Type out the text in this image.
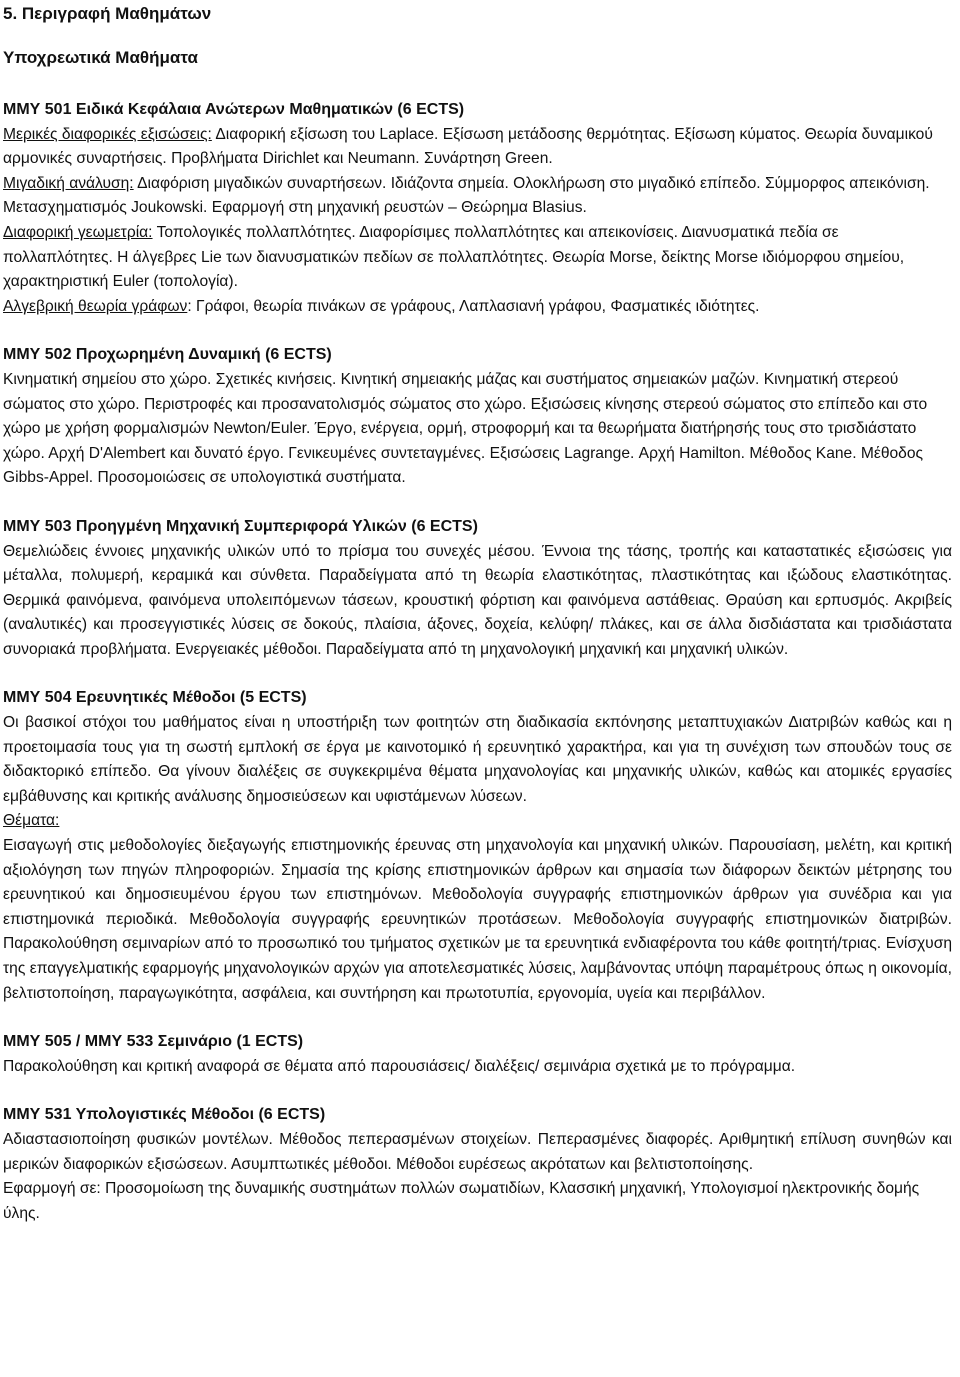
5. Περιγραφή Μαθημάτων
Υποχρεωτικά Μαθήματα

ΜΜΥ 501 Ειδικά Κεφάλαια Ανώτερων Μαθηματικών (6 ECTS)

Μερικές διαφορικές εξισώσεις: Διαφορική εξίσωση του Laplace. Εξίσωση μετάδοσης θερμότητας. Εξίσωση κύματος. Θεωρία δυναμικού αρμονικές συναρτήσεις. Προβλήματα Dirichlet και Neumann. Συνάρτηση Green.

Μιγαδική ανάλυση: Διαφόριση μιγαδικών συναρτήσεων. Ιδιάζοντα σημεία. Ολοκλήρωση στο μιγαδικό επίπεδο. Σύμμορφος απεικόνιση. Μετασχηματισμός Joukowski. Εφαρμογή στη μηχανική ρευστών – Θεώρημα Blasius.

Διαφορική γεωμετρία: Τοπολογικές πολλαπλότητες. Διαφορίσιμες πολλαπλότητες και απεικονίσεις. Διανυσματικά πεδία σε πολλαπλότητες. Η άλγεβρες Lie των διανυσματικών πεδίων σε πολλαπλότητες. Θεωρία Morse, δείκτης Morse ιδιόμορφου σημείου, χαρακτηριστική Euler (τοπολογία).

Αλγεβρική θεωρία γράφων: Γράφοι, θεωρία πινάκων σε γράφους, Λαπλασιανή γράφου, Φασματικές ιδιότητες.

ΜΜΥ 502 Προχωρημένη Δυναμική (6 ECTS)

Κινηματική σημείου στο χώρο. Σχετικές κινήσεις. Κινητική σημειακής μάζας και συστήματος σημειακών μαζών. Κινηματική στερεού σώματος στο χώρο. Περιστροφές και προσανατολισμός σώματος στο χώρο. Εξισώσεις κίνησης στερεού σώματος στο επίπεδο και στο χώρο με χρήση φορμαλισμών Newton/Euler. Έργο, ενέργεια, ορμή, στροφορμή και τα θεωρήματα διατήρησής τους στο τρισδιάστατο χώρο. Αρχή D'Alembert και δυνατό έργο. Γενικευμένες συντεταγμένες. Εξισώσεις Lagrange. Αρχή Hamilton. Μέθοδος Kane. Μέθοδος Gibbs-Appel. Προσομοιώσεις σε υπολογιστικά συστήματα.

ΜΜΥ 503 Προηγμένη Μηχανική Συμπεριφορά Υλικών (6 ECTS)

Θεμελιώδεις έννοιες μηχανικής υλικών υπό το πρίσμα του συνεχές μέσου. Έννοια της τάσης, τροπής και καταστατικές εξισώσεις για μέταλλα, πολυμερή, κεραμικά και σύνθετα. Παραδείγματα από τη θεωρία ελαστικότητας, πλαστικότητας και ιξώδους ελαστικότητας. Θερμικά φαινόμενα, φαινόμενα υπολειπόμενων τάσεων, κρουστική φόρτιση και φαινόμενα αστάθειας. Θραύση και ερπυσμός. Ακριβείς (αναλυτικές) και προσεγγιστικές λύσεις σε δοκούς, πλαίσια, άξονες, δοχεία, κελύφη/ πλάκες, και σε άλλα δισδιάστατα και τρισδιάστατα συνοριακά προβλήματα. Ενεργειακές μέθοδοι. Παραδείγματα από τη μηχανολογική μηχανική και μηχανική υλικών.

ΜΜΥ 504 Ερευνητικές Μέθοδοι (5 ECTS)

Οι βασικοί στόχοι του μαθήματος είναι η υποστήριξη των φοιτητών στη διαδικασία εκπόνησης μεταπτυχιακών Διατριβών καθώς και η προετοιμασία τους για τη σωστή εμπλοκή σε έργα με καινοτομικό ή ερευνητικό χαρακτήρα, και για τη συνέχιση των σπουδών τους σε διδακτορικό επίπεδο. Θα γίνουν διαλέξεις σε συγκεκριμένα θέματα μηχανολογίας και μηχανικής υλικών, καθώς και ατομικές εργασίες εμβάθυνσης και κριτικής ανάλυσης δημοσιεύσεων και υφιστάμενων λύσεων.

Θέματα:

Εισαγωγή στις μεθοδολογίες διεξαγωγής επιστημονικής έρευνας στη μηχανολογία και μηχανική υλικών. Παρουσίαση, μελέτη, και κριτική αξιολόγηση των πηγών πληροφοριών. Σημασία της κρίσης επιστημονικών άρθρων και σημασία των διάφορων δεικτών μέτρησης του ερευνητικού και δημοσιευμένου έργου των επιστημόνων. Μεθοδολογία συγγραφής επιστημονικών άρθρων για συνέδρια και για επιστημονικά περιοδικά. Μεθοδολογία συγγραφής ερευνητικών προτάσεων. Μεθοδολογία συγγραφής επιστημονικών διατριβών. Παρακολούθηση σεμιναρίων από το προσωπικό του τμήματος σχετικών με τα ερευνητικά ενδιαφέροντα του κάθε φοιτητή/τριας. Ενίσχυση της επαγγελματικής εφαρμογής μηχανολογικών αρχών για αποτελεσματικές λύσεις, λαμβάνοντας υπόψη παραμέτρους όπως η οικονομία, βελτιστοποίηση, παραγωγικότητα, ασφάλεια, και συντήρηση και πρωτοτυπία, εργονομία, υγεία και περιβάλλον.

ΜΜΥ 505 / ΜΜΥ 533 Σεμινάριο (1 ECTS)

Παρακολούθηση και κριτική αναφορά σε θέματα από παρουσιάσεις/ διαλέξεις/ σεμινάρια σχετικά με το πρόγραμμα.

ΜΜΥ 531 Υπολογιστικές Μέθοδοι (6 ECTS)

Αδιαστασιοποίηση φυσικών μοντέλων. Μέθοδος πεπερασμένων στοιχείων. Πεπερασμένες διαφορές. Αριθμητική επίλυση συνηθών και μερικών διαφορικών εξισώσεων. Ασυμπτωτικές μέθοδοι. Μέθοδοι ευρέσεως ακρότατων και βελτιστοποίησης.

Εφαρμογή σε: Προσομοίωση της δυναμικής συστημάτων πολλών σωματιδίων, Κλασσική μηχανική, Υπολογισμοί ηλεκτρονικής δομής ύλης.
